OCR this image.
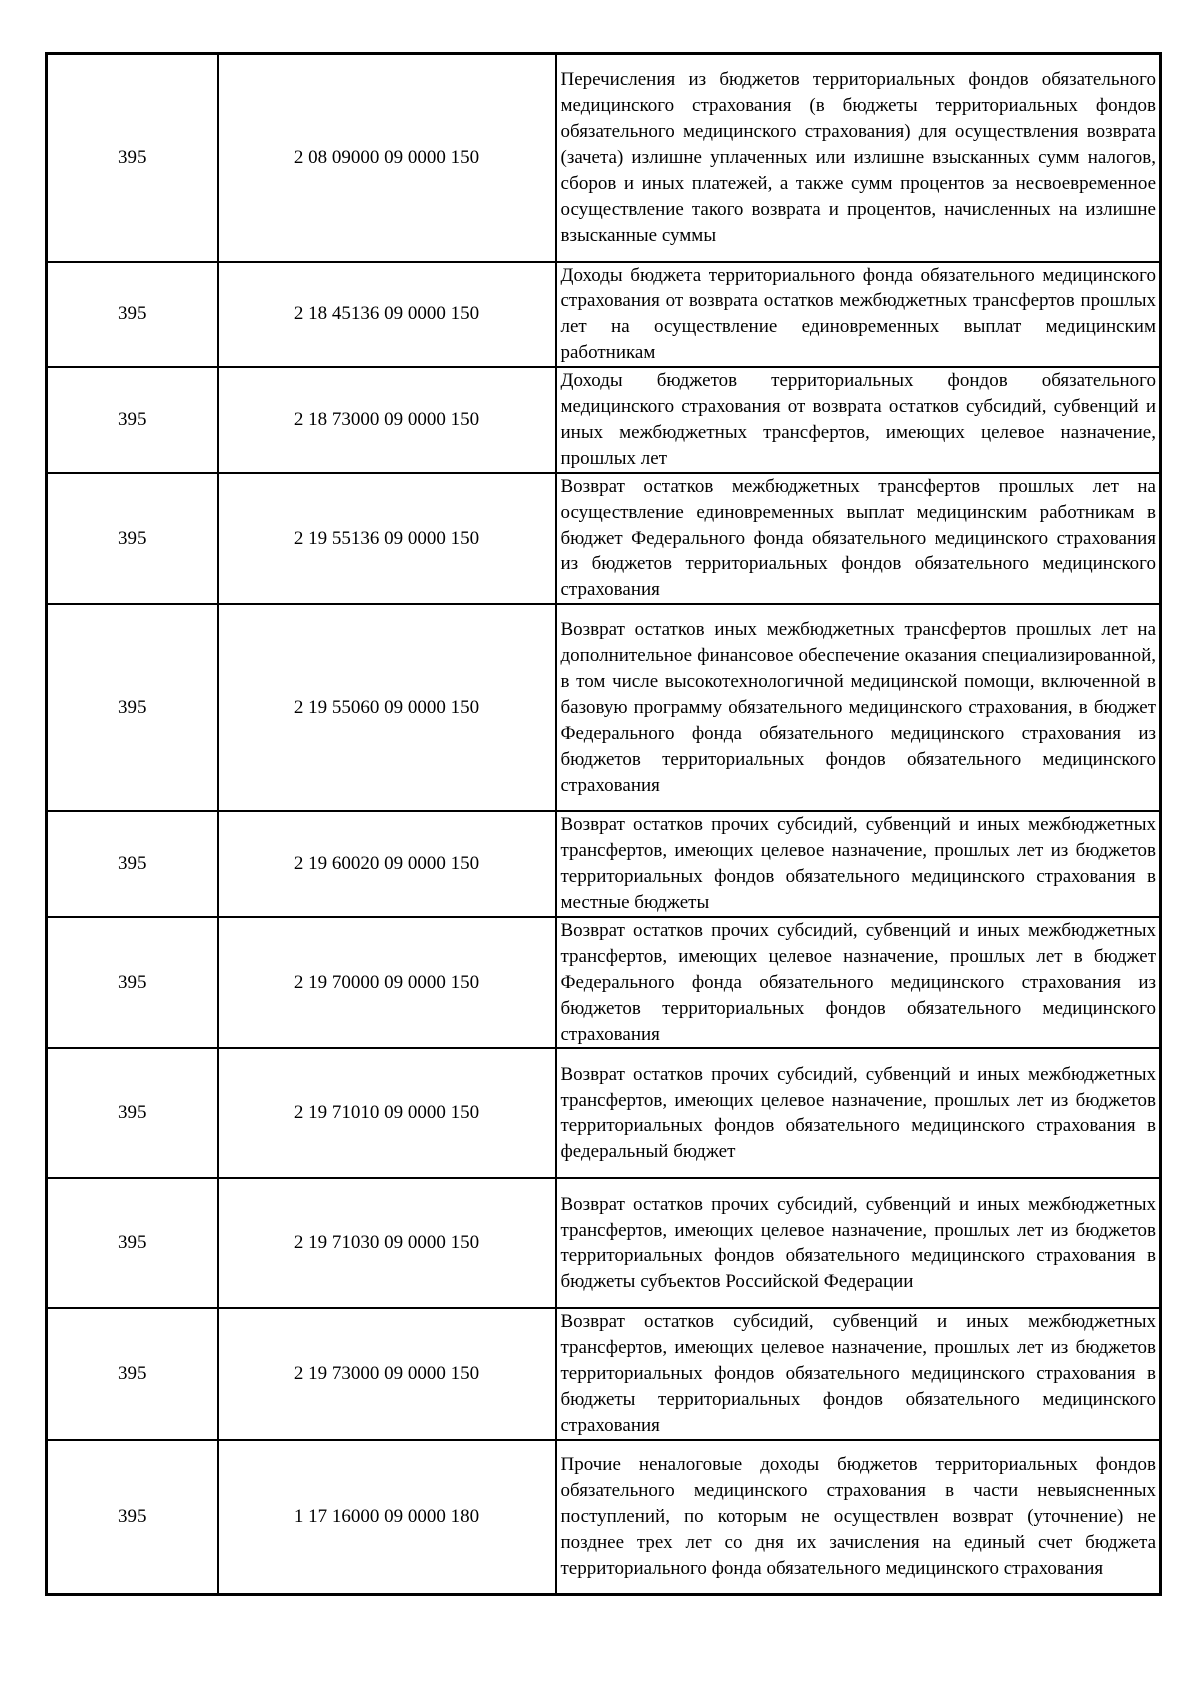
395	2 08 09000 09 0000 150	Перечисления из бюджетов территориальных фондов обязательного медицинского страхования (в бюджеты территориальных фондов обязательного медицинского страхования) для осуществления возврата (зачета) излишне уплаченных или излишне взысканных сумм налогов, сборов и иных платежей, а также сумм процентов за несвоевременное осуществление такого возврата и процентов, начисленных на излишне взысканные суммы
395	2 18 45136 09 0000 150	Доходы бюджета территориального фонда обязательного медицинского страхования от возврата остатков межбюджетных трансфертов прошлых лет на осуществление единовременных выплат медицинским работникам
395	2 18 73000 09 0000 150	Доходы бюджетов территориальных фондов обязательного медицинского страхования от возврата остатков субсидий, субвенций и иных межбюджетных трансфертов, имеющих целевое назначение, прошлых лет
395	2 19 55136 09 0000 150	Возврат остатков межбюджетных трансфертов прошлых лет на осуществление единовременных выплат медицинским работникам в бюджет Федерального фонда обязательного медицинского страхования из бюджетов территориальных фондов обязательного медицинского страхования
395	2 19 55060 09 0000 150	Возврат остатков иных межбюджетных трансфертов прошлых лет на дополнительное финансовое обеспечение оказания специализированной, в том числе высокотехнологичной медицинской помощи, включенной в базовую программу обязательного медицинского страхования, в бюджет Федерального фонда обязательного медицинского страхования из бюджетов территориальных фондов обязательного медицинского страхования
395	2 19 60020 09 0000 150	Возврат остатков прочих субсидий, субвенций и иных межбюджетных трансфертов, имеющих целевое назначение, прошлых лет из бюджетов территориальных фондов обязательного медицинского страхования в местные бюджеты
395	2 19 70000 09 0000 150	Возврат остатков прочих субсидий, субвенций и иных межбюджетных трансфертов, имеющих целевое назначение, прошлых лет в бюджет Федерального фонда обязательного медицинского страхования из бюджетов территориальных фондов обязательного медицинского страхования
395	2 19 71010 09 0000 150	Возврат остатков прочих субсидий, субвенций и иных межбюджетных трансфертов, имеющих целевое назначение, прошлых лет из бюджетов территориальных фондов обязательного медицинского страхования в федеральный бюджет
395	2 19 71030 09 0000 150	Возврат остатков прочих субсидий, субвенций и иных межбюджетных трансфертов, имеющих целевое назначение, прошлых лет из бюджетов территориальных фондов обязательного медицинского страхования в бюджеты субъектов Российской Федерации
395	2 19 73000 09 0000 150	Возврат остатков субсидий, субвенций и иных межбюджетных трансфертов, имеющих целевое назначение, прошлых лет из бюджетов территориальных фондов обязательного медицинского страхования в бюджеты территориальных фондов обязательного медицинского страхования
395	1 17 16000 09 0000 180	Прочие неналоговые доходы бюджетов территориальных фондов обязательного медицинского страхования в части невыясненных поступлений, по которым не осуществлен возврат (уточнение) не позднее трех лет со дня их зачисления на единый счет бюджета территориального фонда обязательного медицинского страхования
